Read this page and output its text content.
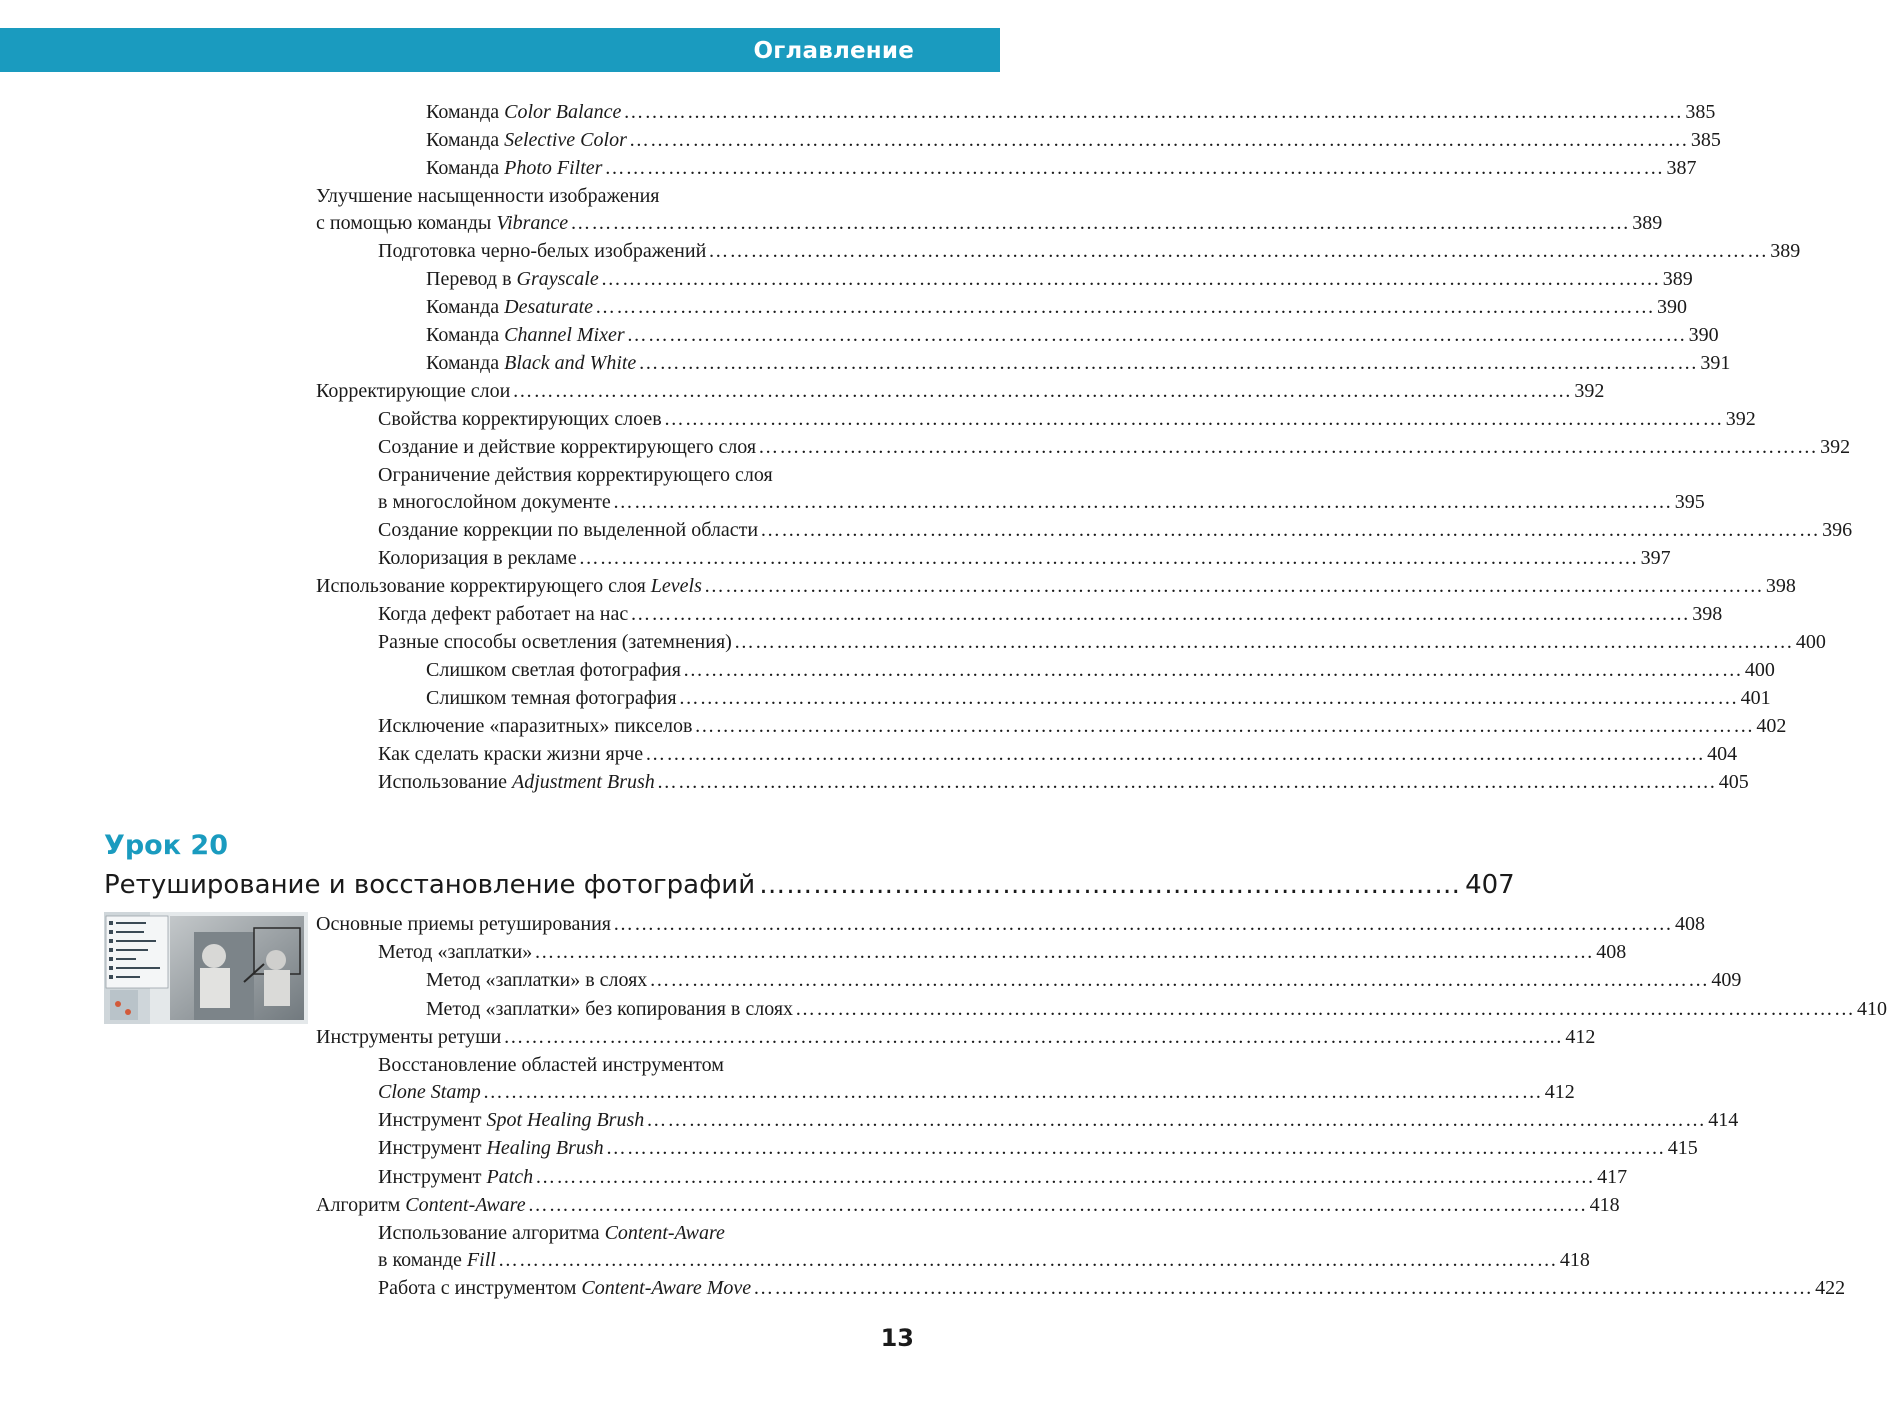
Оглавление
Команда Color Balance …………………………………………………………………………………………………………………………………… 385
Команда Selective Color …………………………………………………………………………………………………………………………………… 385
Команда Photo Filter …………………………………………………………………………………………………………………………………… 387
Улучшение насыщенности изображения
с помощью команды Vibrance …………………………………………………………………………………………………………………………………… 389
Подготовка черно-белых изображений …………………………………………………………………………………………………………………………………… 389
Перевод в Grayscale …………………………………………………………………………………………………………………………………… 389
Команда Desaturate …………………………………………………………………………………………………………………………………… 390
Команда Channel Mixer …………………………………………………………………………………………………………………………………… 390
Команда Black and White …………………………………………………………………………………………………………………………………… 391
Корректирующие слои …………………………………………………………………………………………………………………………………… 392
Свойства корректирующих слоев …………………………………………………………………………………………………………………………………… 392
Создание и действие корректирующего слоя …………………………………………………………………………………………………………………………………… 392
Ограничение действия корректирующего слоя
в многослойном документе …………………………………………………………………………………………………………………………………… 395
Создание коррекции по выделенной области …………………………………………………………………………………………………………………………………… 396
Колоризация в рекламе …………………………………………………………………………………………………………………………………… 397
Использование корректирующего слоя Levels …………………………………………………………………………………………………………………………………… 398
Когда дефект работает на нас …………………………………………………………………………………………………………………………………… 398
Разные способы осветления (затемнения) …………………………………………………………………………………………………………………………………… 400
Слишком светлая фотография …………………………………………………………………………………………………………………………………… 400
Слишком темная фотография …………………………………………………………………………………………………………………………………… 401
Исключение «паразитных» пикселов …………………………………………………………………………………………………………………………………… 402
Как сделать краски жизни ярче …………………………………………………………………………………………………………………………………… 404
Использование Adjustment Brush …………………………………………………………………………………………………………………………………… 405
Урок 20
Ретуширование и восстановление фотографий …………………………………………………………………… 407
Основные приемы ретуширования …………………………………………………………………………………………………………………………………… 408
Метод «заплатки» …………………………………………………………………………………………………………………………………… 408
Метод «заплатки» в слоях …………………………………………………………………………………………………………………………………… 409
Метод «заплатки» без копирования в слоях …………………………………………………………………………………………………………………………………… 410
Инструменты ретуши …………………………………………………………………………………………………………………………………… 412
Восстановление областей инструментом
Clone Stamp …………………………………………………………………………………………………………………………………… 412
Инструмент Spot Healing Brush …………………………………………………………………………………………………………………………………… 414
Инструмент Healing Brush …………………………………………………………………………………………………………………………………… 415
Инструмент Patch …………………………………………………………………………………………………………………………………… 417
Алгоритм Content-Aware …………………………………………………………………………………………………………………………………… 418
Использование алгоритма Content-Aware
в команде Fill …………………………………………………………………………………………………………………………………… 418
Работа с инструментом Content-Aware Move …………………………………………………………………………………………………………………………………… 422
13
